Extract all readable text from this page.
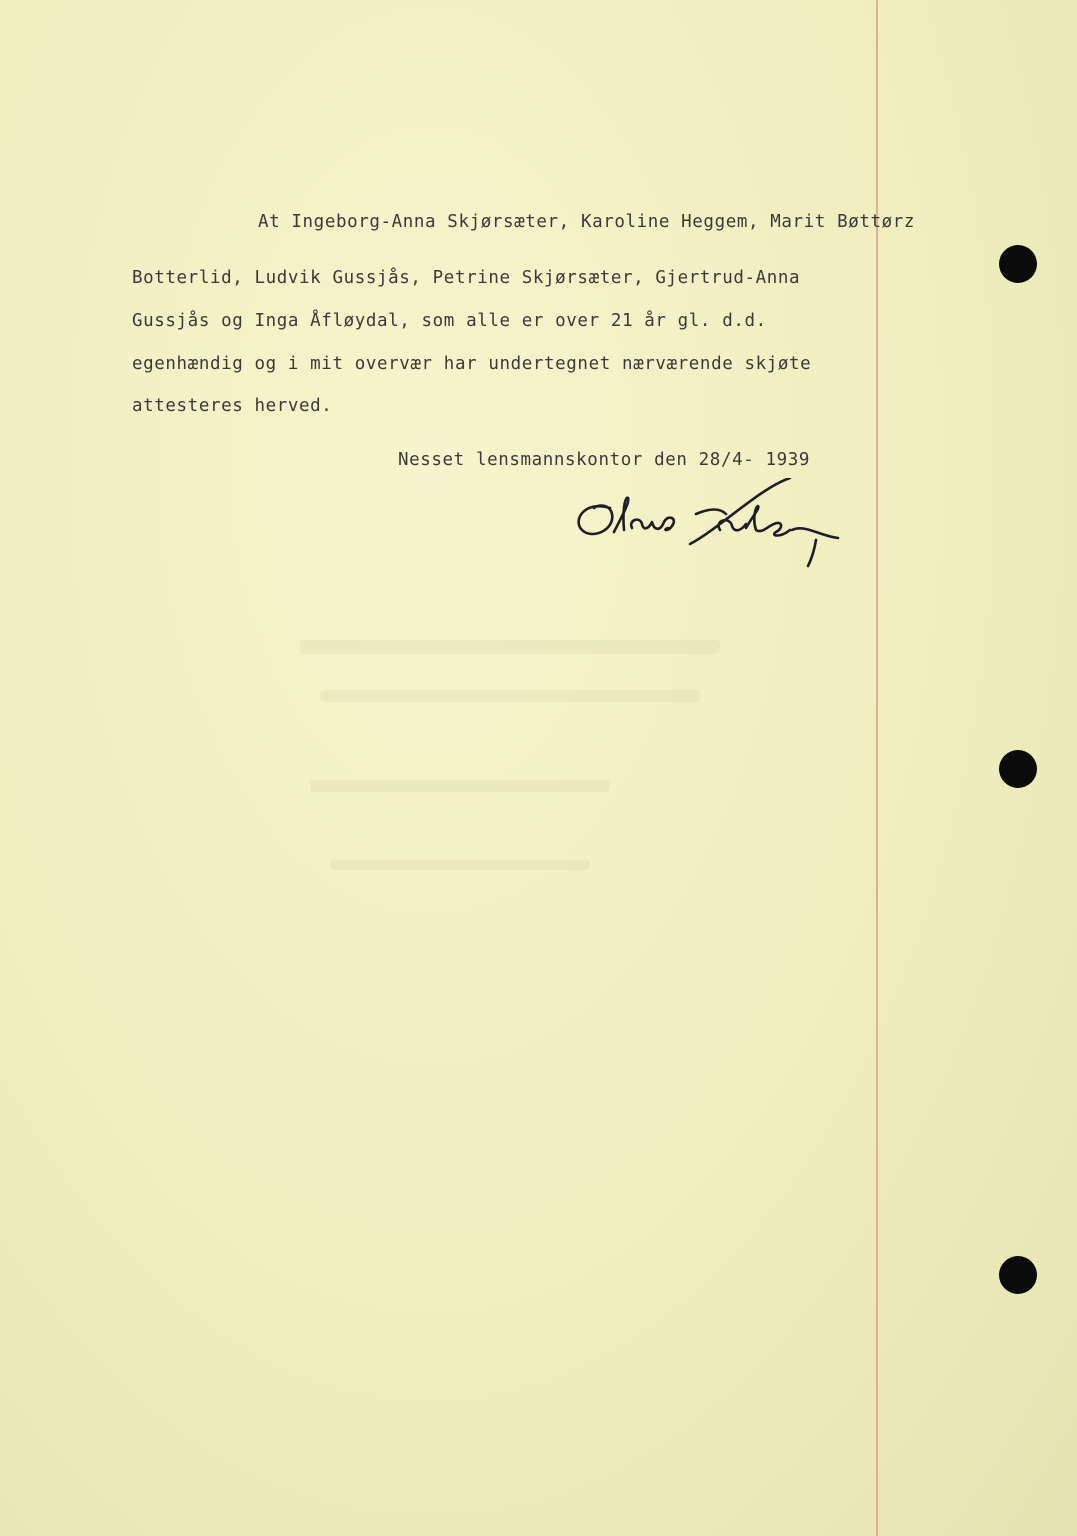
At Ingeborg-Anna Skjørsæter, Karoline Heggem, Marit Bøttørz
Botterlid, Ludvik Gussjås, Petrine Skjørsæter, Gjertrud-Anna
Gussjås og Inga Åfløydal, som alle er over 21 år gl. d.d.
egenhændig og i mit overvær har undertegnet nærværende skjøte
attesteres herved.
Nesset lensmannskontor den 28/4- 1939
